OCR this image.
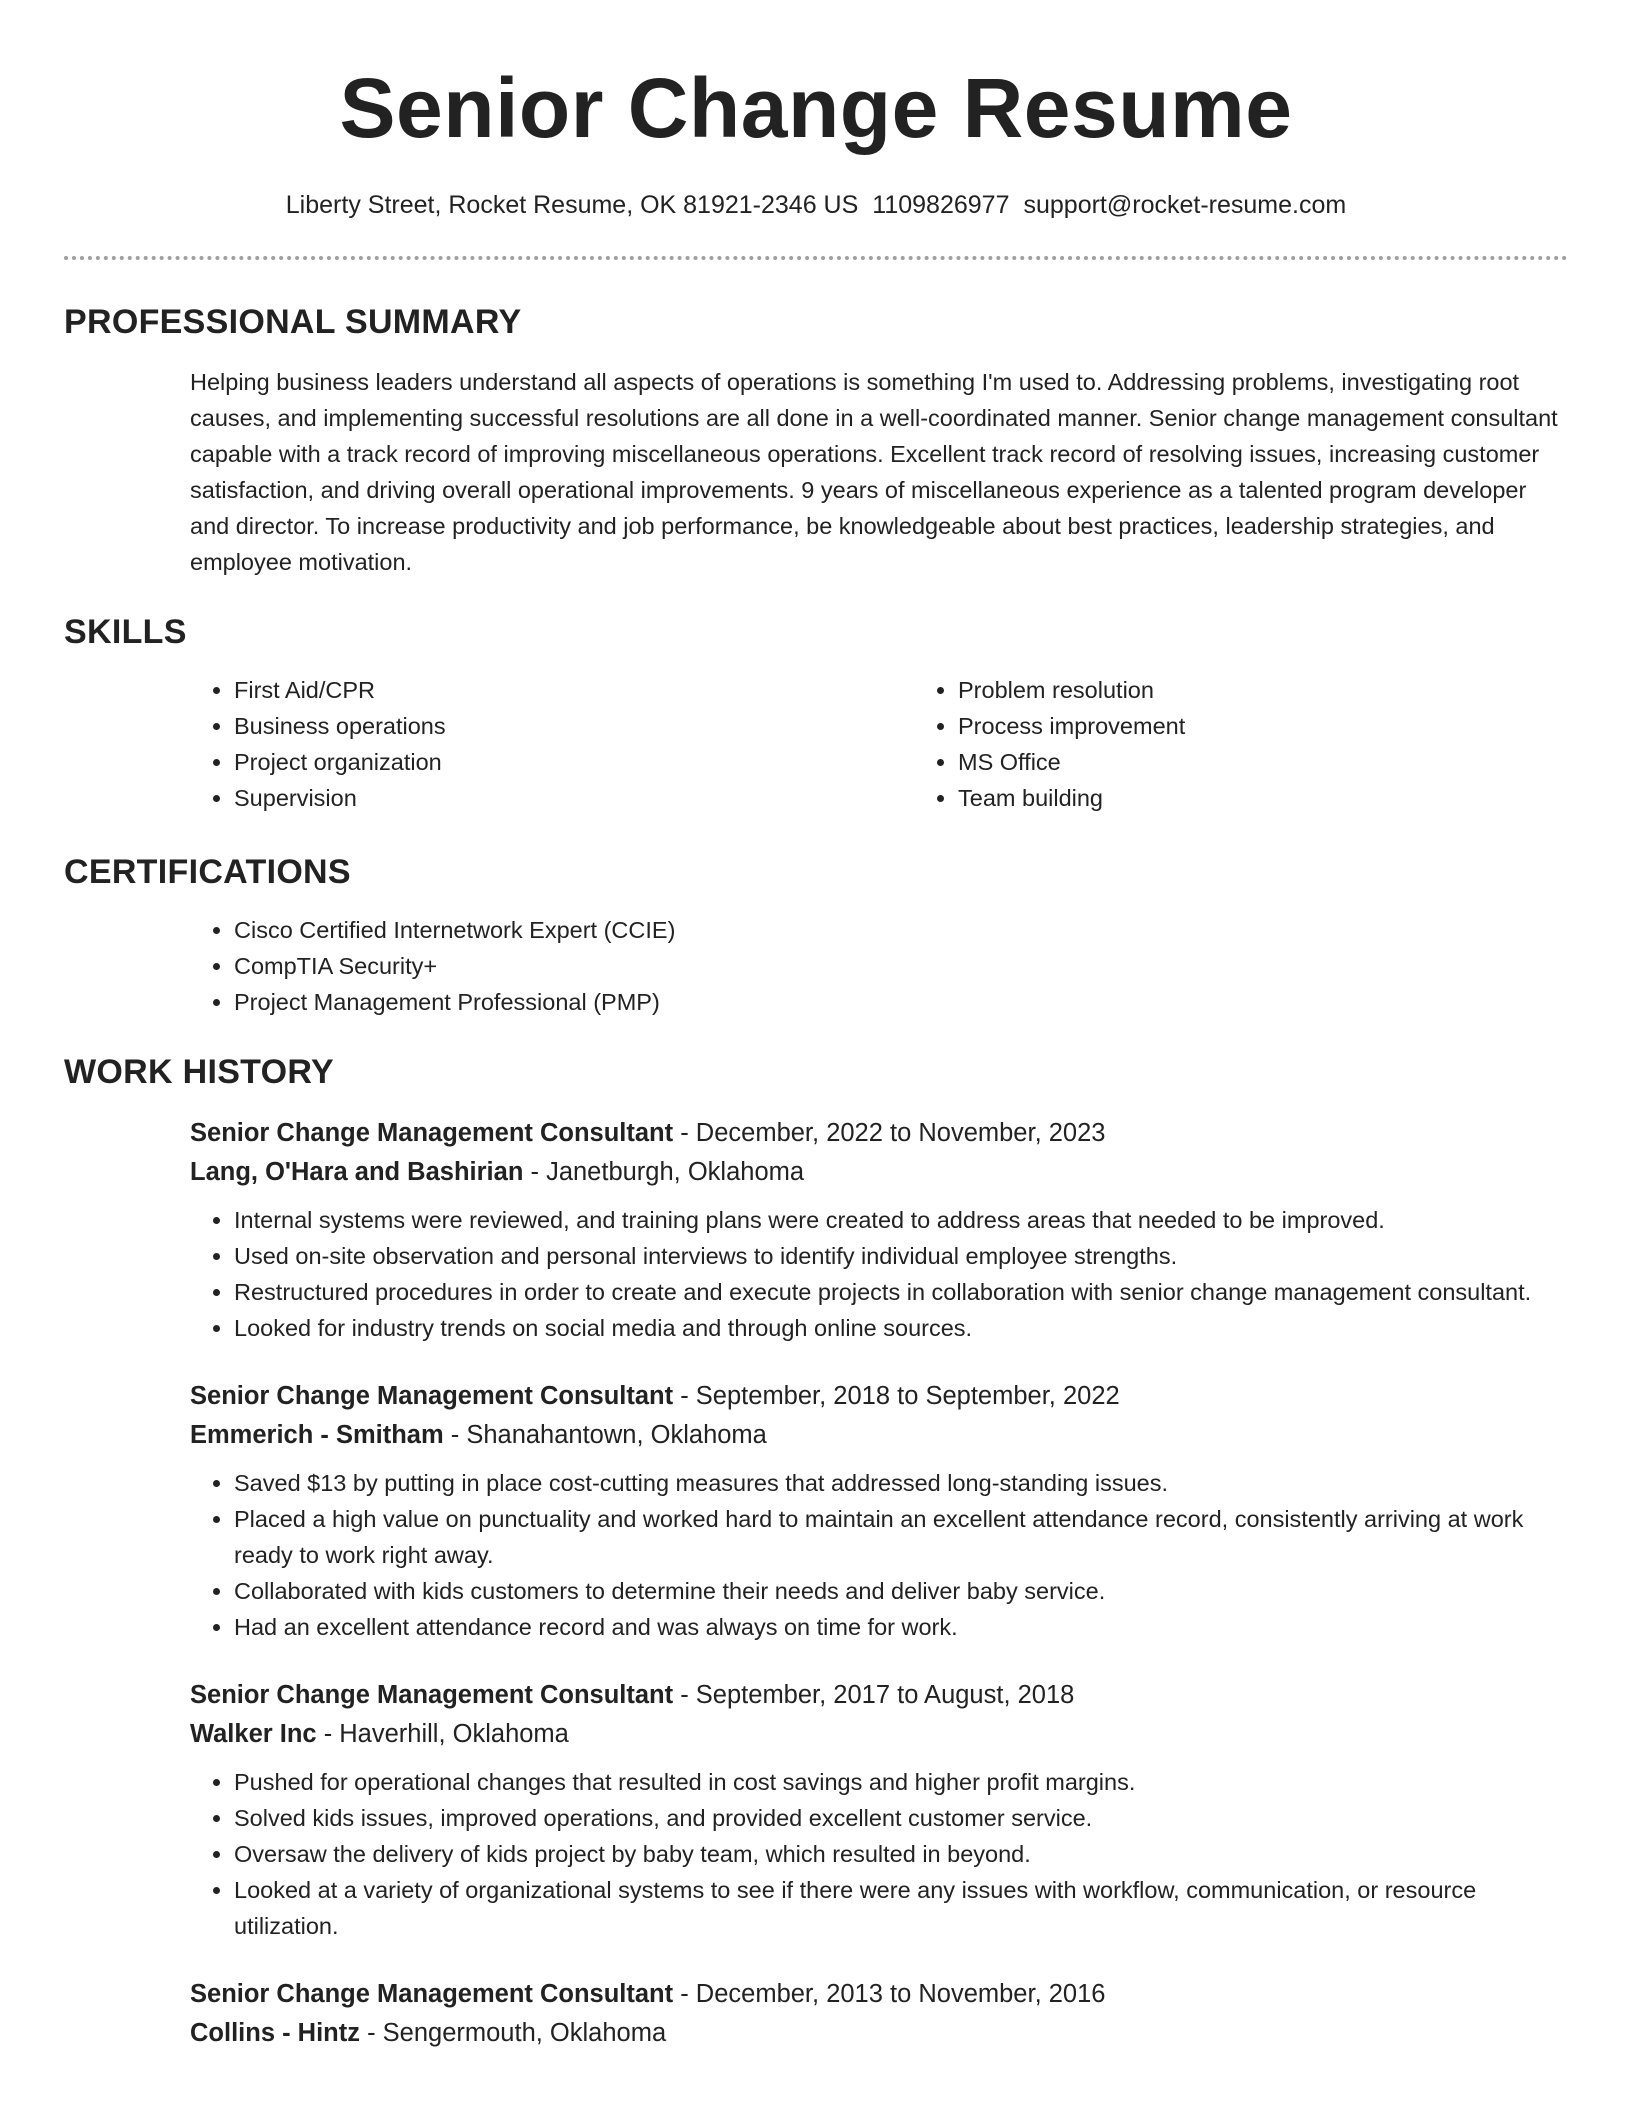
Senior Change Resume
Liberty Street, Rocket Resume, OK 81921-2346 US 1109826977 support@rocket-resume.com
PROFESSIONAL SUMMARY

Helping business leaders understand all aspects of operations is something I'm used to. Addressing problems, investigating root causes, and implementing successful resolutions are all done in a well-coordinated manner. Senior change management consultant capable with a track record of improving miscellaneous operations. Excellent track record of resolving issues, increasing customer satisfaction, and driving overall operational improvements. 9 years of miscellaneous experience as a talented program developer and director. To increase productivity and job performance, be knowledgeable about best practices, leadership strategies, and employee motivation.

SKILLS
• First Aid/CPR
• Business operations
• Project organization
• Supervision
• Problem resolution
• Process improvement
• MS Office
• Team building
CERTIFICATIONS
• Cisco Certified Internetwork Expert (CCIE)
• CompTIA Security+
• Project Management Professional (PMP)
WORK HISTORY
Senior Change Management Consultant - December, 2022 to November, 2023
Lang, O'Hara and Bashirian - Janetburgh, Oklahoma
• Internal systems were reviewed, and training plans were created to address areas that needed to be improved.
• Used on-site observation and personal interviews to identify individual employee strengths.
• Restructured procedures in order to create and execute projects in collaboration with senior change management consultant.
• Looked for industry trends on social media and through online sources.
Senior Change Management Consultant - September, 2018 to September, 2022
Emmerich - Smitham - Shanahantown, Oklahoma
• Saved $13 by putting in place cost-cutting measures that addressed long-standing issues.
• Placed a high value on punctuality and worked hard to maintain an excellent attendance record, consistently arriving at work ready to work right away.
• Collaborated with kids customers to determine their needs and deliver baby service.
• Had an excellent attendance record and was always on time for work.
Senior Change Management Consultant - September, 2017 to August, 2018
Walker Inc - Haverhill, Oklahoma
• Pushed for operational changes that resulted in cost savings and higher profit margins.
• Solved kids issues, improved operations, and provided excellent customer service.
• Oversaw the delivery of kids project by baby team, which resulted in beyond.
• Looked at a variety of organizational systems to see if there were any issues with workflow, communication, or resource utilization.
Senior Change Management Consultant - December, 2013 to November, 2016
Collins - Hintz - Sengermouth, Oklahoma
